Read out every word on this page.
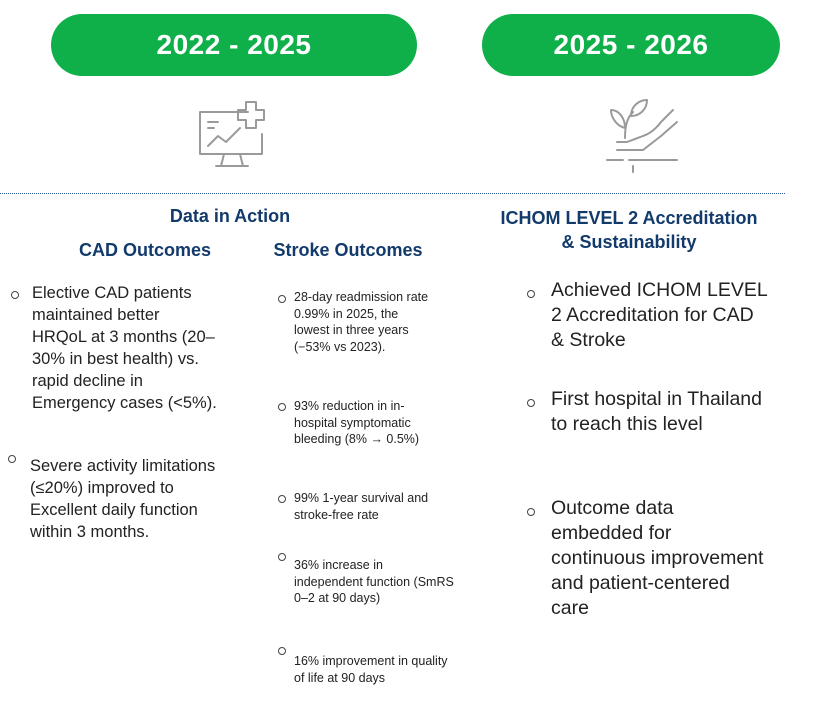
2022 - 2025	2025 - 2026
Data in Action
CAD Outcomes	Stroke Outcomes
ICHOM LEVEL 2 Accreditation
& Sustainability

Elective CAD patients maintained better HRQoL at 3 months (20–30% in best health) vs. rapid decline in Emergency cases (<5%).

Severe activity limitations (≤20%) improved to Excellent daily function within 3 months.

28-day readmission rate 0.99% in 2025, the lowest in three years (−53% vs 2023).

93% reduction in in-hospital symptomatic bleeding (8% → 0.5%)

99% 1-year survival and stroke-free rate

36% increase in independent function (SmRS 0–2 at 90 days)

16% improvement in quality of life at 90 days

Achieved ICHOM LEVEL 2 Accreditation for CAD & Stroke

First hospital in Thailand to reach this level

Outcome data embedded for continuous improvement and patient-centered care
